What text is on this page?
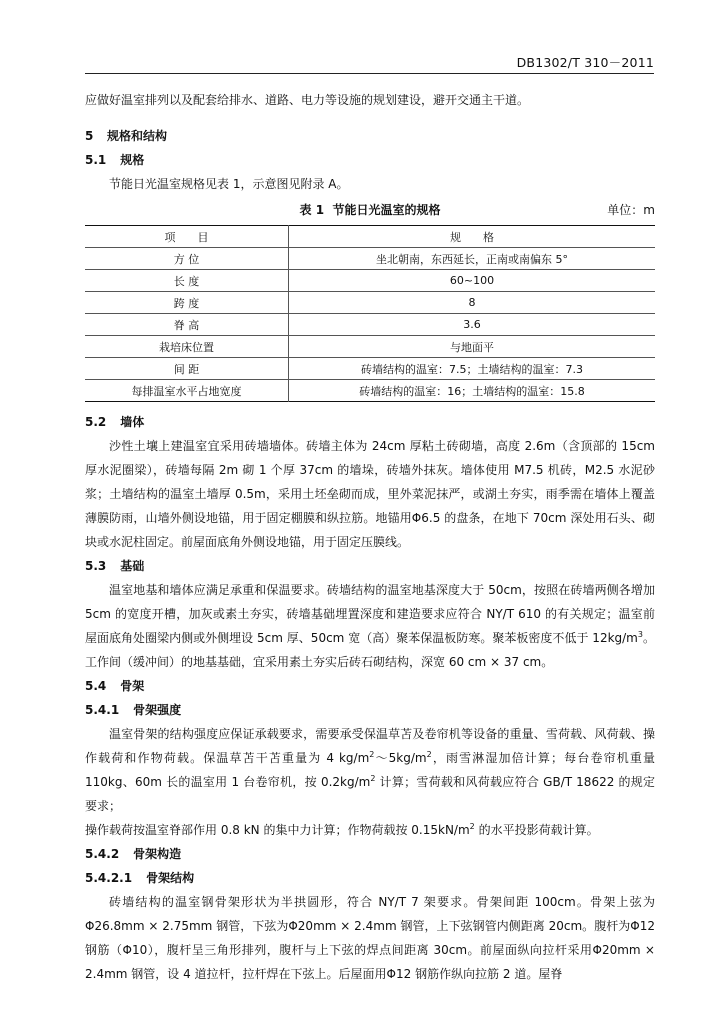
DB1302/T 310－2011

应做好温室排列以及配套给排水、道路、电力等设施的规划建设，避开交通主干道。

5 规格和结构

5.1 规格

节能日光温室规格见表 1，示意图见附录 A。

表 1 节能日光温室的规格	单位：m
项　　目	规　　格
方 位	坐北朝南，东西延长，正南或南偏东 5°
长 度	60~100
跨 度	8
脊 高	3.6
栽培床位置	与地面平
间 距	砖墙结构的温室：7.5；土墙结构的温室：7.3
每排温室水平占地宽度	砖墙结构的温室：16；土墙结构的温室：15.8

5.2 墙体

沙性土壤上建温室宜采用砖墙墙体。砖墙主体为 24cm 厚粘土砖砌墙，高度 2.6m（含顶部的 15cm 厚水泥圈梁），砖墙每隔 2m 砌 1 个厚 37cm 的墙垛，砖墙外抹灰。墙体使用 M7.5 机砖，M2.5 水泥砂浆；土墙结构的温室土墙厚 0.5m，采用土坯垒砌而成，里外菜泥抹严，或湖土夯实，雨季需在墙体上覆盖薄膜防雨，山墙外侧设地锚，用于固定棚膜和纵拉筋。地锚用Φ6.5 的盘条，在地下 70cm 深处用石头、砌块或水泥柱固定。前屋面底角外侧设地锚，用于固定压膜线。

5.3 基础

温室地基和墙体应满足承重和保温要求。砖墙结构的温室地基深度大于 50cm，按照在砖墙两侧各增加 5cm 的宽度开槽，加灰或素土夯实，砖墙基础埋置深度和建造要求应符合 NY/T 610 的有关规定；温室前屋面底角处圈梁内侧或外侧埋设 5cm 厚、50cm 宽（高）聚苯保温板防寒。聚苯板密度不低于 $12kg/m^3$。工作间（缓冲间）的地基基础，宜采用素土夯实后砖石砌结构，深宽 60 cm × 37 cm。

5.4 骨架

5.4.1 骨架强度

温室骨架的结构强度应保证承载要求，需要承受保温草苫及卷帘机等设备的重量、雪荷载、风荷载、操作载荷和作物荷载。保温草苫干苫重量为 4 $kg/m^2\sim 5kg/m^2$，雨雪淋湿加倍计算；每台卷帘机重量 110kg、60m 长的温室用 1 台卷帘机，按 $0.2kg/m^2$ 计算；雪荷载和风荷载应符合 GB/T 18622 的规定要求；

操作载荷按温室脊部作用 0.8 kN 的集中力计算；作物荷载按 $0.15kN/m^2$ 的水平投影荷载计算。

5.4.2 骨架构造

5.4.2.1 骨架结构

砖墙结构的温室钢骨架形状为半拱圆形，符合 NY/T 7 架要求。骨架间距 100cm。骨架上弦为Φ26.8mm × 2.75mm 钢管，下弦为Φ20mm × 2.4mm 钢管，上下弦钢管内侧距离 20cm。腹杆为Φ12 钢筋（Φ10），腹杆呈三角形排列，腹杆与上下弦的焊点间距离 30cm。前屋面纵向拉杆采用Φ20mm × 2.4mm 钢管，设 4 道拉杆，拉杆焊在下弦上。后屋面用Φ12 钢筋作纵向拉筋 2 道。屋脊
